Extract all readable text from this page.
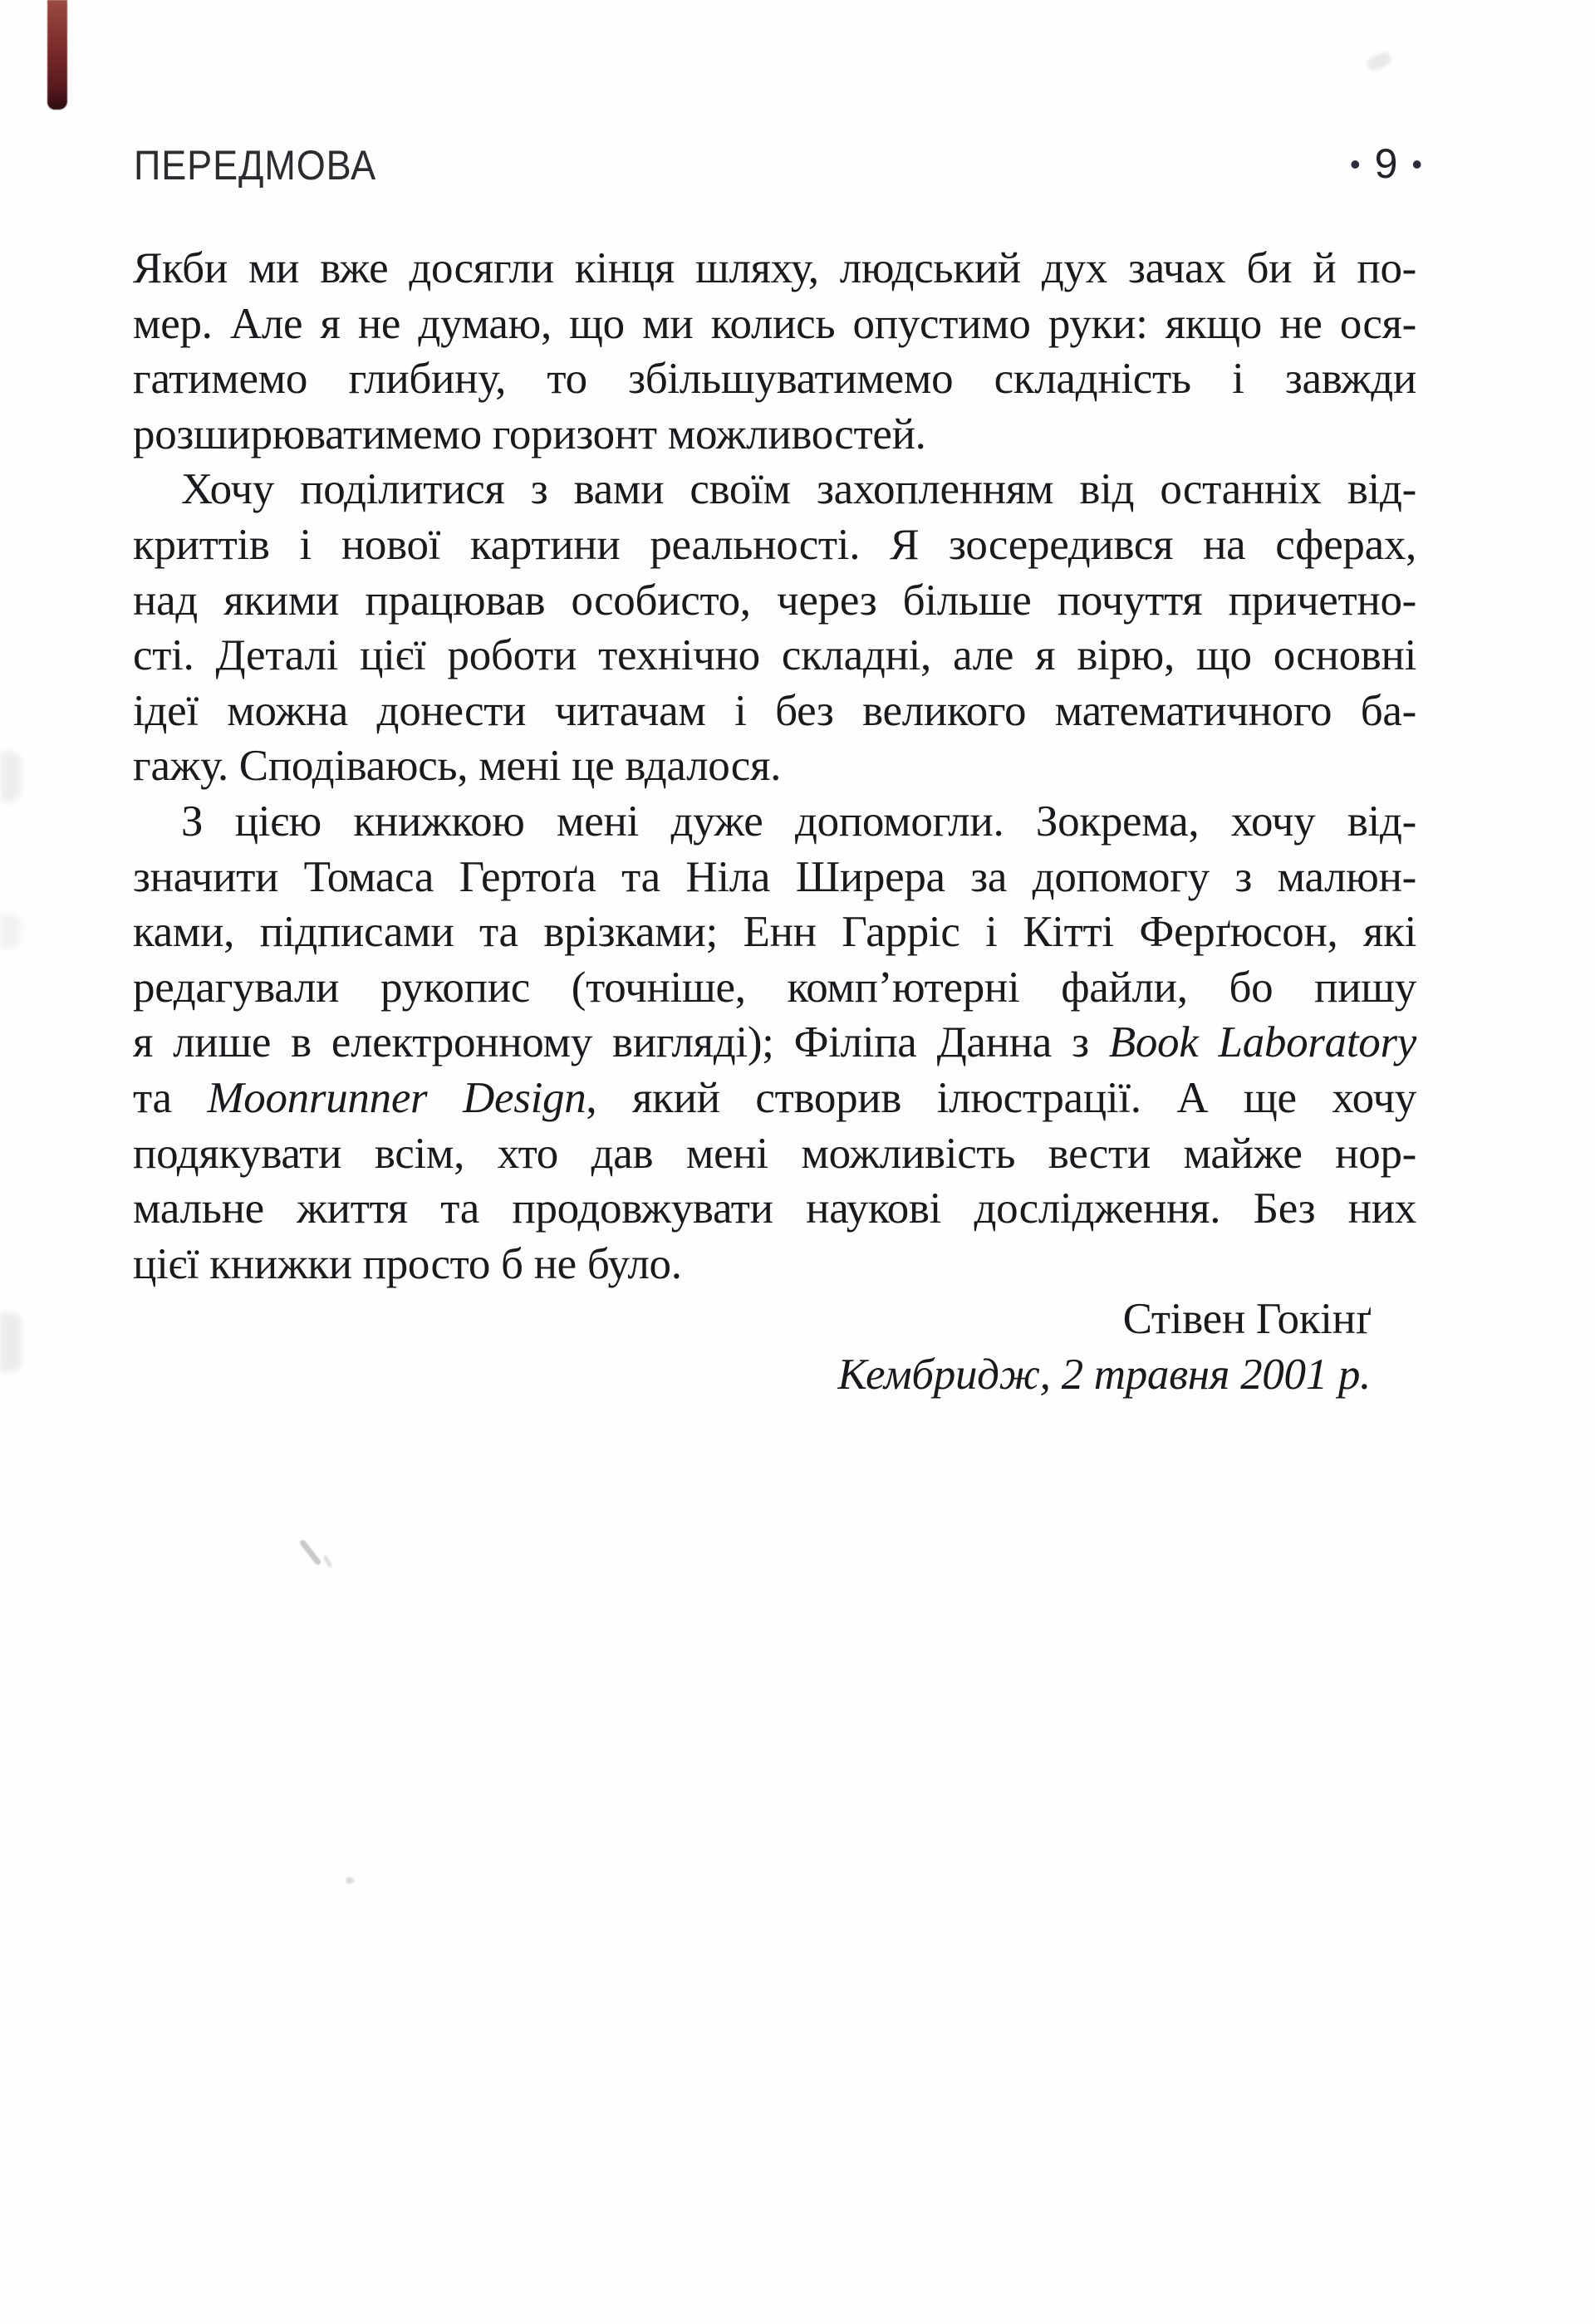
ПЕРЕДМОВА	• 9 •
Якби ми вже досягли кінця шляху, людський дух зачах би й по-
мер. Але я не думаю, що ми колись опустимо руки: якщо не ося-
гатимемо глибину, то збільшуватимемо складність і завжди
розширюватимемо горизонт можливостей.
Хочу поділитися з вами своїм захопленням від останніх від-
криттів і нової картини реальності. Я зосередився на сферах,
над якими працював особисто, через більше почуття причетно-
сті. Деталі цієї роботи технічно складні, але я вірю, що основні
ідеї можна донести читачам і без великого математичного ба-
гажу. Сподіваюсь, мені це вдалося.
З цією книжкою мені дуже допомогли. Зокрема, хочу від-
значити Томаса Гертоґа та Ніла Ширера за допомогу з малюн-
ками, підписами та врізками; Енн Гарріс і Кітті Ферґюсон, які
редагували рукопис (точніше, комп’ютерні файли, бо пишу
я лише в електронному вигляді); Філіпа Данна з Book Laboratory
та Moonrunner Design, який створив ілюстрації. А ще хочу
подякувати всім, хто дав мені можливість вести майже нор-
мальне життя та продовжувати наукові дослідження. Без них
цієї книжки просто б не було.
Стівен Гокінґ
Кембридж, 2 травня 2001 р.
